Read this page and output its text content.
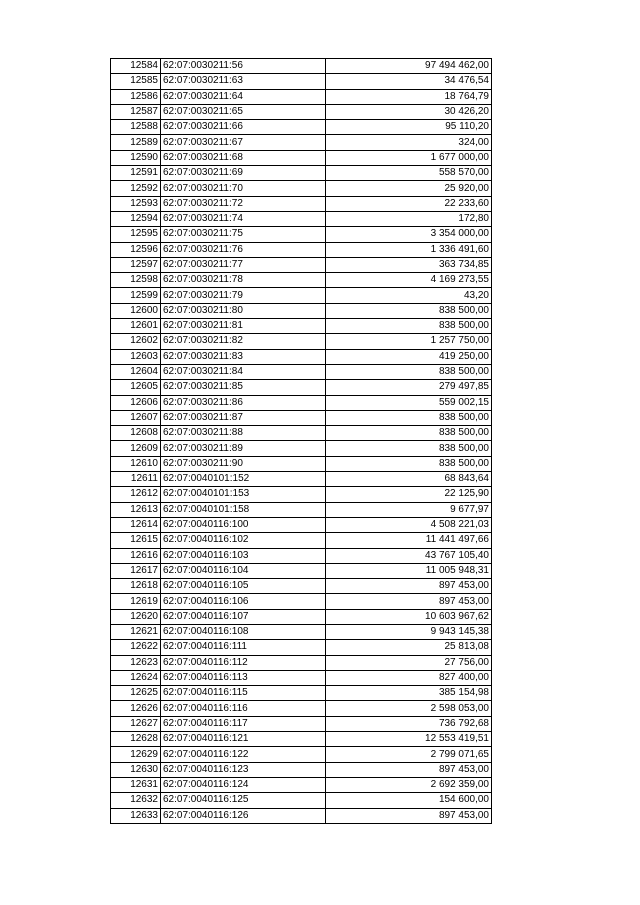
12584	62:07:0030211:56	97 494 462,00
12585	62:07:0030211:63	34 476,54
12586	62:07:0030211:64	18 764,79
12587	62:07:0030211:65	30 426,20
12588	62:07:0030211:66	95 110,20
12589	62:07:0030211:67	324,00
12590	62:07:0030211:68	1 677 000,00
12591	62:07:0030211:69	558 570,00
12592	62:07:0030211:70	25 920,00
12593	62:07:0030211:72	22 233,60
12594	62:07:0030211:74	172,80
12595	62:07:0030211:75	3 354 000,00
12596	62:07:0030211:76	1 336 491,60
12597	62:07:0030211:77	363 734,85
12598	62:07:0030211:78	4 169 273,55
12599	62:07:0030211:79	43,20
12600	62:07:0030211:80	838 500,00
12601	62:07:0030211:81	838 500,00
12602	62:07:0030211:82	1 257 750,00
12603	62:07:0030211:83	419 250,00
12604	62:07:0030211:84	838 500,00
12605	62:07:0030211:85	279 497,85
12606	62:07:0030211:86	559 002,15
12607	62:07:0030211:87	838 500,00
12608	62:07:0030211:88	838 500,00
12609	62:07:0030211:89	838 500,00
12610	62:07:0030211:90	838 500,00
12611	62:07:0040101:152	68 843,64
12612	62:07:0040101:153	22 125,90
12613	62:07:0040101:158	9 677,97
12614	62:07:0040116:100	4 508 221,03
12615	62:07:0040116:102	11 441 497,66
12616	62:07:0040116:103	43 767 105,40
12617	62:07:0040116:104	11 005 948,31
12618	62:07:0040116:105	897 453,00
12619	62:07:0040116:106	897 453,00
12620	62:07:0040116:107	10 603 967,62
12621	62:07:0040116:108	9 943 145,38
12622	62:07:0040116:111	25 813,08
12623	62:07:0040116:112	27 756,00
12624	62:07:0040116:113	827 400,00
12625	62:07:0040116:115	385 154,98
12626	62:07:0040116:116	2 598 053,00
12627	62:07:0040116:117	736 792,68
12628	62:07:0040116:121	12 553 419,51
12629	62:07:0040116:122	2 799 071,65
12630	62:07:0040116:123	897 453,00
12631	62:07:0040116:124	2 692 359,00
12632	62:07:0040116:125	154 600,00
12633	62:07:0040116:126	897 453,00
